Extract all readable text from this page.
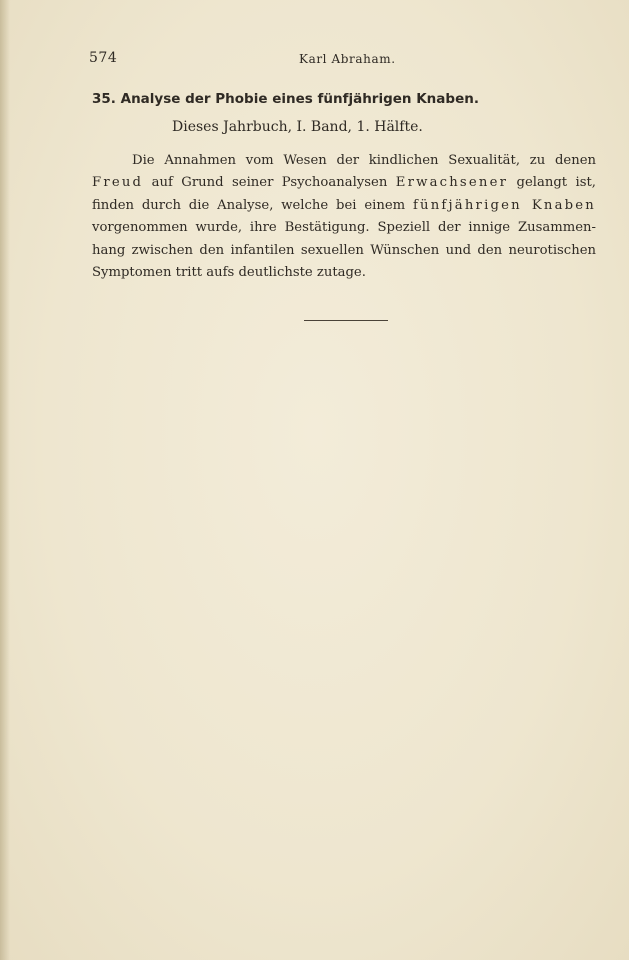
574	Karl Abraham.
35. Analyse der Phobie eines fünfjährigen Knaben.
Dieses Jahrbuch, I. Band, 1. Hälfte.
Die Annahmen vom Wesen der kindlichen Sexualität, zu denen
Freud auf Grund seiner Psychoanalysen Erwachsener gelangt ist,
finden durch die Analyse, welche bei einem fünfjährigen Knaben
vorgenommen wurde, ihre Bestätigung. Speziell der innige Zusammen-
hang zwischen den infantilen sexuellen Wünschen und den neurotischen
Symptomen tritt aufs deutlichste zutage.
